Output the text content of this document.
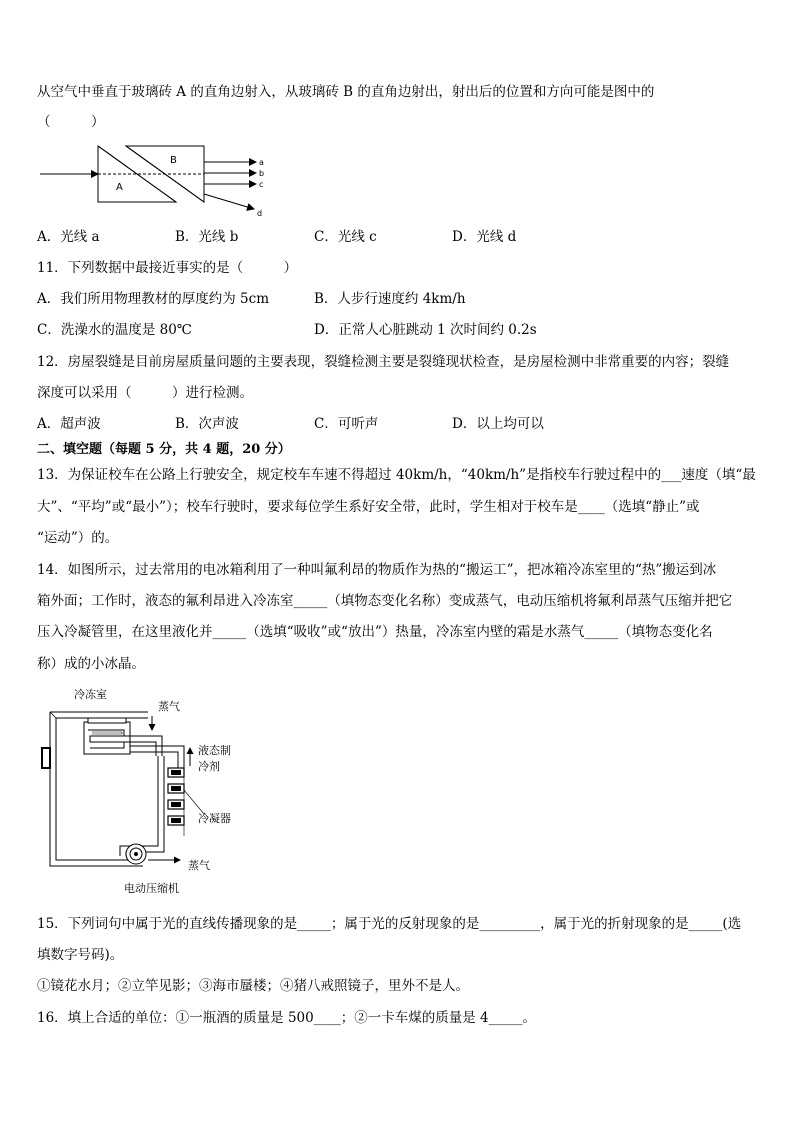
从空气中垂直于玻璃砖 A 的直角边射入，从玻璃砖 B 的直角边射出，射出后的位置和方向可能是图中的
（　　　）
A
B	a
b
c
d
A．光线 a	B．光线 b	C．光线 c	D．光线 d
11．下列数据中最接近事实的是（　　　）
A．我们所用物理教材的厚度约为 5cm	B．人步行速度约 4km/h
C．洗澡水的温度是 80℃	D．正常人心脏跳动 1 次时间约 0.2s
12．房屋裂缝是目前房屋质量问题的主要表现，裂缝检测主要是裂缝现状检查，是房屋检测中非常重要的内容；裂缝
深度可以采用（　　　）进行检测。
A．超声波	B．次声波	C．可听声	D．以上均可以
二、填空题（每题 5 分，共 4 题，20 分）
13．为保证校车在公路上行驶安全，规定校车车速不得超过 40km/h，“40km/h”是指校车行驶过程中的___速度（填“最
大”、“平均”或“最小”）；校车行驶时，要求每位学生系好安全带，此时，学生相对于校车是____（选填“静止”或
“运动”）的。
14．如图所示，过去常用的电冰箱利用了一种叫氟利昂的物质作为热的“搬运工”，把冰箱冷冻室里的“热”搬运到冰
箱外面；工作时，液态的氟利昂进入冷冻室_____（填物态变化名称）变成蒸气，电动压缩机将氟利昂蒸气压缩并把它
压入冷凝管里，在这里液化并_____（选填“吸收”或“放出”）热量，冷冻室内壁的霜是水蒸气_____（填物态变化名
称）成的小冰晶。
冷冻室
蒸气
液态制
冷剂
冷凝器
蒸气
电动压缩机
15．下列词句中属于光的直线传播现象的是_____；属于光的反射现象的是_________，属于光的折射现象的是_____(选
填数字号码)。
①镜花水月；②立竿见影；③海市蜃楼；④猪八戒照镜子，里外不是人。
16．填上合适的单位：①一瓶酒的质量是 500____；②一卡车煤的质量是 4_____。
